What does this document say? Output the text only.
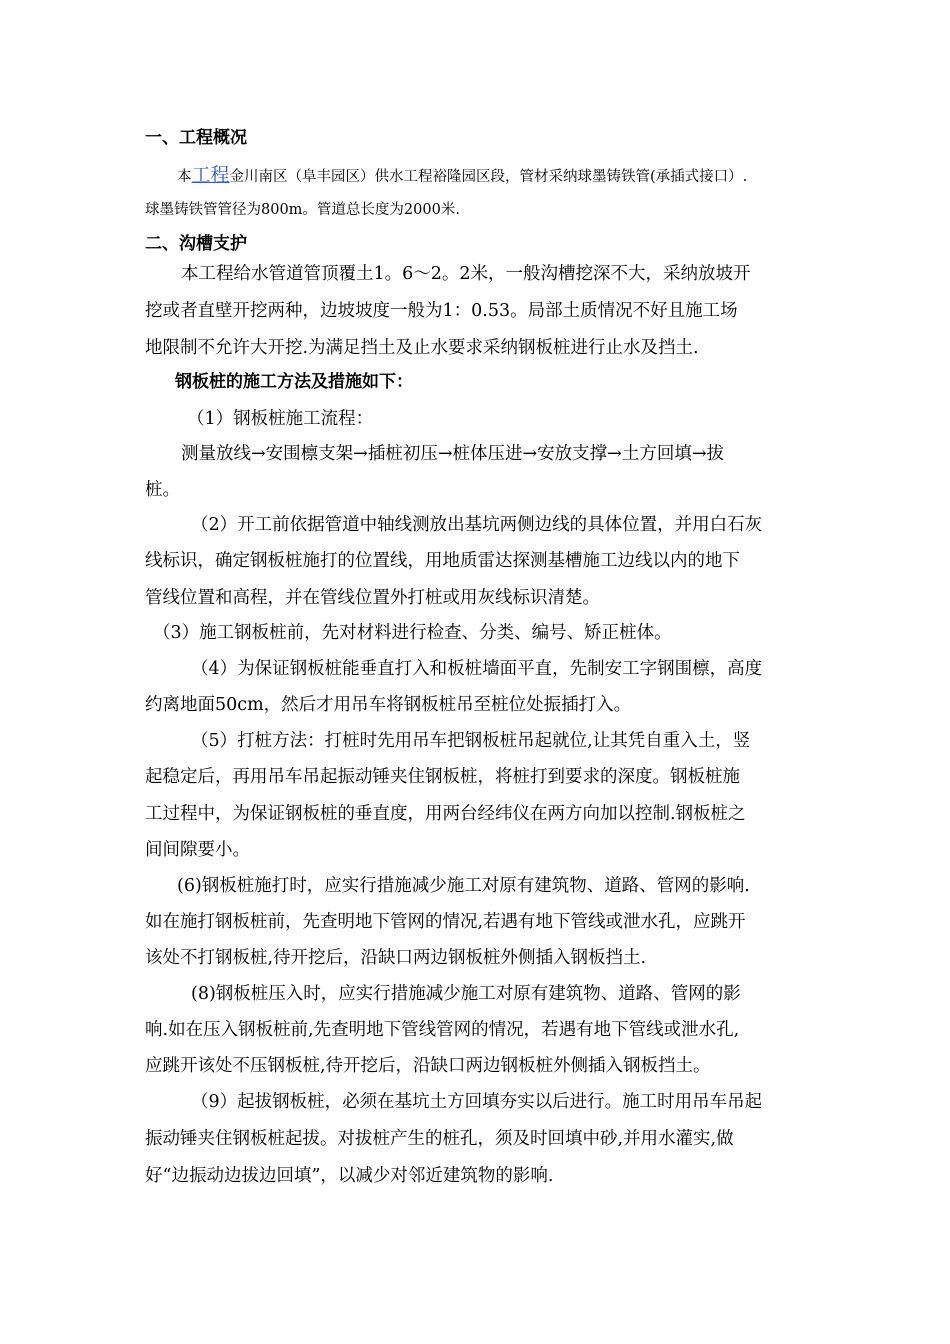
一、工程概况
本工程金川南区（阜丰园区）供水工程裕隆园区段，管材采纳球墨铸铁管(承插式接口）.
球墨铸铁管管径为800m。管道总长度为2000米.
二、沟槽支护
本工程给水管道管顶覆土1。6～2。2米，一般沟槽挖深不大，采纳放坡开
挖或者直壁开挖两种，边坡坡度一般为1：0.53。局部土质情况不好且施工场
地限制不允许大开挖.为满足挡土及止水要求采纳钢板桩进行止水及挡土.
钢板桩的施工方法及措施如下：
（1）钢板桩施工流程：
测量放线→安围檩支架→插桩初压→桩体压进→安放支撑→土方回填→拔
桩。
（2）开工前依据管道中轴线测放出基坑两侧边线的具体位置，并用白石灰
线标识，确定钢板桩施打的位置线，用地质雷达探测基槽施工边线以内的地下
管线位置和高程，并在管线位置外打桩或用灰线标识清楚。
（3）施工钢板桩前，先对材料进行检查、分类、编号、矫正桩体。
（4）为保证钢板桩能垂直打入和板桩墙面平直，先制安工字钢围檩，高度
约离地面50cm，然后才用吊车将钢板桩吊至桩位处振插打入。
（5）打桩方法：打桩时先用吊车把钢板桩吊起就位,让其凭自重入土，竖
起稳定后，再用吊车吊起振动锤夹住钢板桩，将桩打到要求的深度。钢板桩施
工过程中，为保证钢板桩的垂直度，用两台经纬仪在两方向加以控制.钢板桩之
间间隙要小。
(6)钢板桩施打时，应实行措施减少施工对原有建筑物、道路、管网的影响.
如在施打钢板桩前，先查明地下管网的情况,若遇有地下管线或泄水孔，应跳开
该处不打钢板桩,待开挖后，沿缺口两边钢板桩外侧插入钢板挡土.
(8)钢板桩压入时，应实行措施减少施工对原有建筑物、道路、管网的影
响.如在压入钢板桩前,先查明地下管线管网的情况，若遇有地下管线或泄水孔,
应跳开该处不压钢板桩,待开挖后，沿缺口两边钢板桩外侧插入钢板挡土。
（9）起拔钢板桩，必须在基坑土方回填夯实以后进行。施工时用吊车吊起
振动锤夹住钢板桩起拔。对拔桩产生的桩孔，须及时回填中砂,并用水灌实,做
好“边振动边拔边回填”，以减少对邻近建筑物的影响.
